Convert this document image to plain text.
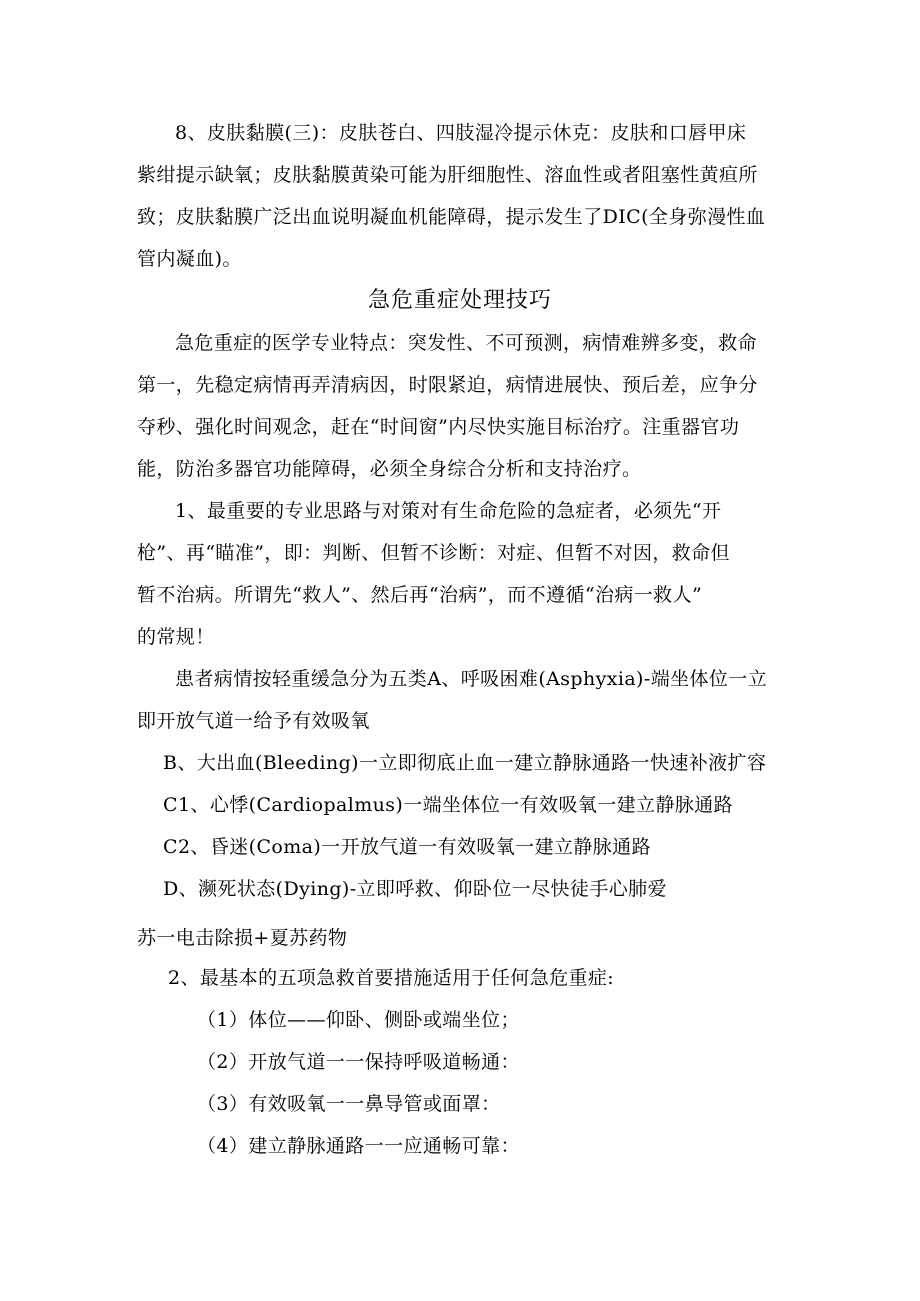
8、皮肤黏膜(三)：皮肤苍白、四肢湿冷提示休克：皮肤和口唇甲床

紫绀提示缺氧；皮肤黏膜黄染可能为肝细胞性、溶血性或者阻塞性黄疸所

致；皮肤黏膜广泛出血说明凝血机能障碍，提示发生了DIC(全身弥漫性血

管内凝血)。

急危重症处理技巧

急危重症的医学专业特点：突发性、不可预测，病情难辨多变，救命

第一，先稳定病情再弄清病因，时限紧迫，病情进展快、预后差，应争分

夺秒、强化时间观念，赶在“时间窗”内尽快实施目标治疗。注重器官功

能，防治多器官功能障碍，必须全身综合分析和支持治疗。

1、最重要的专业思路与对策对有生命危险的急症者，必须先“开

枪”、再“瞄准”，即：判断、但暂不诊断：对症、但暂不对因，救命但

暂不治病。所谓先“救人”、然后再“治病”，而不遵循“治病一救人”

的常规！

患者病情按轻重缓急分为五类A、呼吸困难(Asphyxia)-端坐体位一立

即开放气道一给予有效吸氧

B、大出血(Bleeding)一立即彻底止血一建立静脉通路一快速补液扩容

C1、心悸(Cardiopalmus)一端坐体位一有效吸氧一建立静脉通路

C2、昏迷(Coma)一开放气道一有效吸氧一建立静脉通路

D、濒死状态(Dying)-立即呼救、仰卧位一尽快徒手心肺爱

苏一电击除损+夏苏药物

2、最基本的五项急救首要措施适用于任何急危重症:

（1）体位——仰卧、侧卧或端坐位；

（2）开放气道一一保持呼吸道畅通：

（3）有效吸氧一一鼻导管或面罩：

（4）建立静脉通路一一应通畅可靠：
